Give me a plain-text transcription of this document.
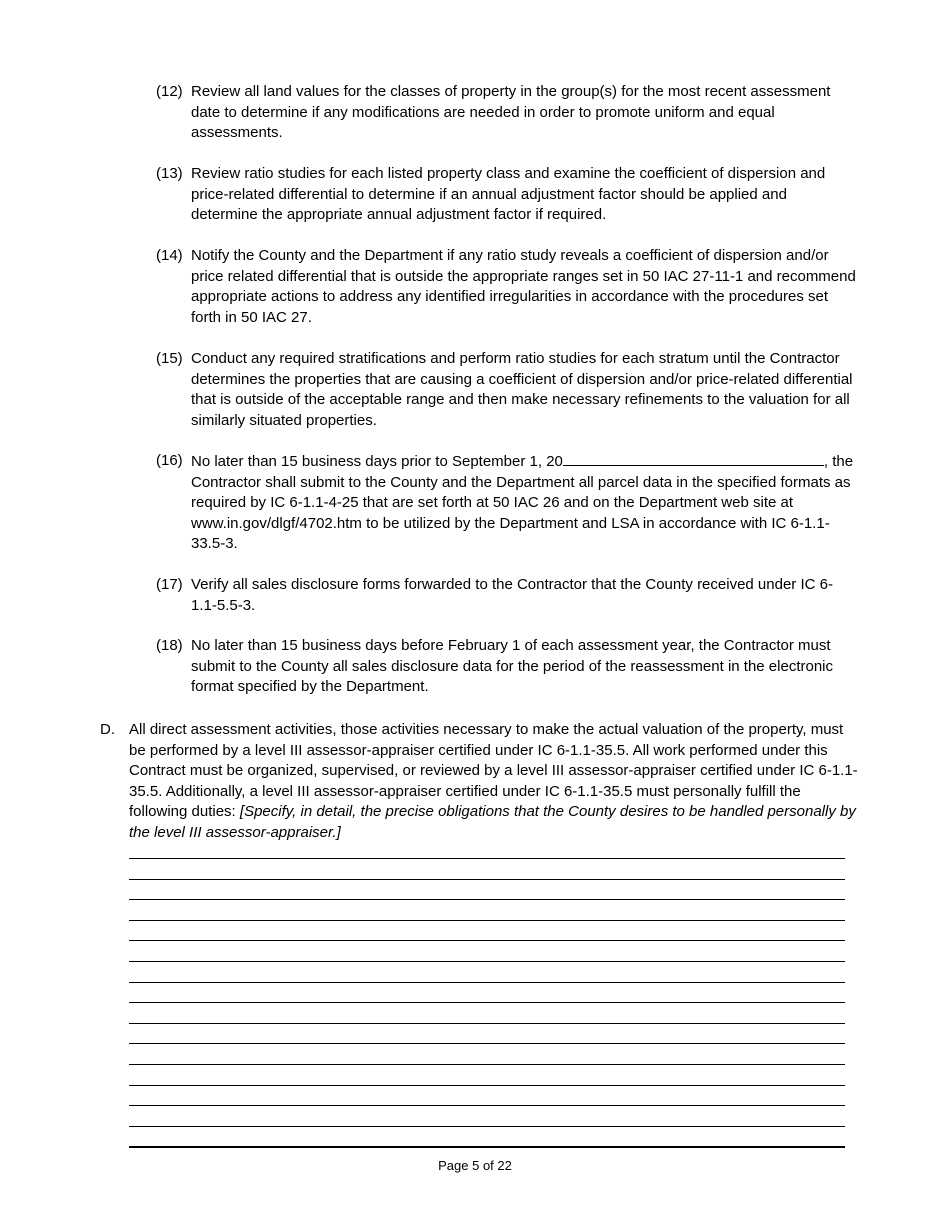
(12) Review all land values for the classes of property in the group(s) for the most recent assessment date to determine if any modifications are needed in order to promote uniform and equal assessments.
(13) Review ratio studies for each listed property class and examine the coefficient of dispersion and price-related differential to determine if an annual adjustment factor should be applied and determine the appropriate annual adjustment factor if required.
(14) Notify the County and the Department if any ratio study reveals a coefficient of dispersion and/or price related differential that is outside the appropriate ranges set in 50 IAC 27-11-1 and recommend appropriate actions to address any identified irregularities in accordance with the procedures set forth in 50 IAC 27.
(15) Conduct any required stratifications and perform ratio studies for each stratum until the Contractor determines the properties that are causing a coefficient of dispersion and/or price-related differential that is outside of the acceptable range and then make necessary refinements to the valuation for all similarly situated properties.
(16) No later than 15 business days prior to September 1, 20	, the Contractor shall submit to the County and the Department all parcel data in the specified formats as required by IC 6-1.1-4-25 that are set forth at 50 IAC 26 and on the Department web site at www.in.gov/dlgf/4702.htm to be utilized by the Department and LSA in accordance with IC 6-1.1-33.5-3.
(17) Verify all sales disclosure forms forwarded to the Contractor that the County received under IC 6-1.1-5.5-3.
(18) No later than 15 business days before February 1 of each assessment year, the Contractor must submit to the County all sales disclosure data for the period of the reassessment in the electronic format specified by the Department.
D. All direct assessment activities, those activities necessary to make the actual valuation of the property, must be performed by a level III assessor-appraiser certified under IC 6-1.1-35.5. All work performed under this Contract must be organized, supervised, or reviewed by a level III assessor-appraiser certified under IC 6-1.1-35.5. Additionally, a level III assessor-appraiser certified under IC 6-1.1-35.5 must personally fulfill the following duties: [Specify, in detail, the precise obligations that the County desires to be handled personally by the level III assessor-appraiser.]
Page 5 of 22
